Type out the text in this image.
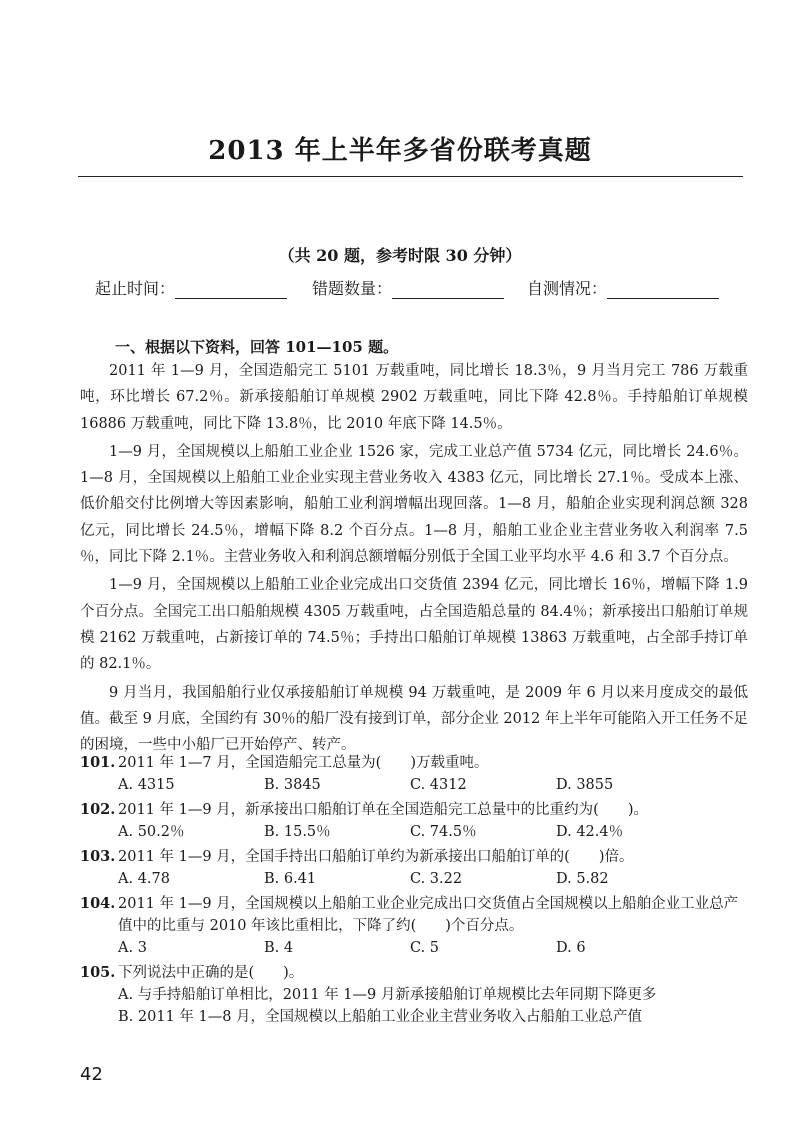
2013 年上半年多省份联考真题
（共 20 题，参考时限 30 分钟）
起止时间：	错题数量：	自测情况：
一、根据以下资料，回答 101—105 题。

2011 年 1—9 月，全国造船完工 5101 万载重吨，同比增长 18.3％，9 月当月完工 786 万载重吨，环比增长 67.2％。新承接船舶订单规模 2902 万载重吨，同比下降 42.8％。手持船舶订单规模 16886 万载重吨，同比下降 13.8％，比 2010 年底下降 14.5％。

1—9 月，全国规模以上船舶工业企业 1526 家，完成工业总产值 5734 亿元，同比增长 24.6％。1—8 月，全国规模以上船舶工业企业实现主营业务收入 4383 亿元，同比增长 27.1％。受成本上涨、低价船交付比例增大等因素影响，船舶工业利润增幅出现回落。1—8 月，船舶企业实现利润总额 328 亿元，同比增长 24.5％，增幅下降 8.2 个百分点。1—8 月，船舶工业企业主营业务收入利润率 7.5 ％，同比下降 2.1％。主营业务收入和利润总额增幅分别低于全国工业平均水平 4.6 和 3.7 个百分点。

1—9 月，全国规模以上船舶工业企业完成出口交货值 2394 亿元，同比增长 16％，增幅下降 1.9 个百分点。全国完工出口船舶规模 4305 万载重吨，占全国造船总量的 84.4％；新承接出口船舶订单规模 2162 万载重吨，占新接订单的 74.5％；手持出口船舶订单规模 13863 万载重吨，占全部手持订单的 82.1％。

9 月当月，我国船舶行业仅承接船舶订单规模 94 万载重吨，是 2009 年 6 月以来月度成交的最低值。截至 9 月底，全国约有 30％的船厂没有接到订单，部分企业 2012 年上半年可能陷入开工任务不足的困境，一些中小船厂已开始停产、转产。

101. 2011 年 1—7 月，全国造船完工总量为(　　)万载重吨。
A. 4315	B. 3845	C. 4312	D. 3855
102. 2011 年 1—9 月，新承接出口船舶订单在全国造船完工总量中的比重约为(　　)。
A. 50.2％	B. 15.5％	C. 74.5％	D. 42.4％
103. 2011 年 1—9 月，全国手持出口船舶订单约为新承接出口船舶订单的(　　)倍。
A. 4.78	B. 6.41	C. 3.22	D. 5.82
104. 2011 年 1—9 月，全国规模以上船舶工业企业完成出口交货值占全国规模以上船舶企业工业总产值中的比重与 2010 年该比重相比，下降了约(　　)个百分点。
A. 3	B. 4	C. 5	D. 6
105. 下列说法中正确的是(　　)。
A. 与手持船舶订单相比，2011 年 1—9 月新承接船舶订单规模比去年同期下降更多
B. 2011 年 1—8 月，全国规模以上船舶工业企业主营业务收入占船舶工业总产值
42
